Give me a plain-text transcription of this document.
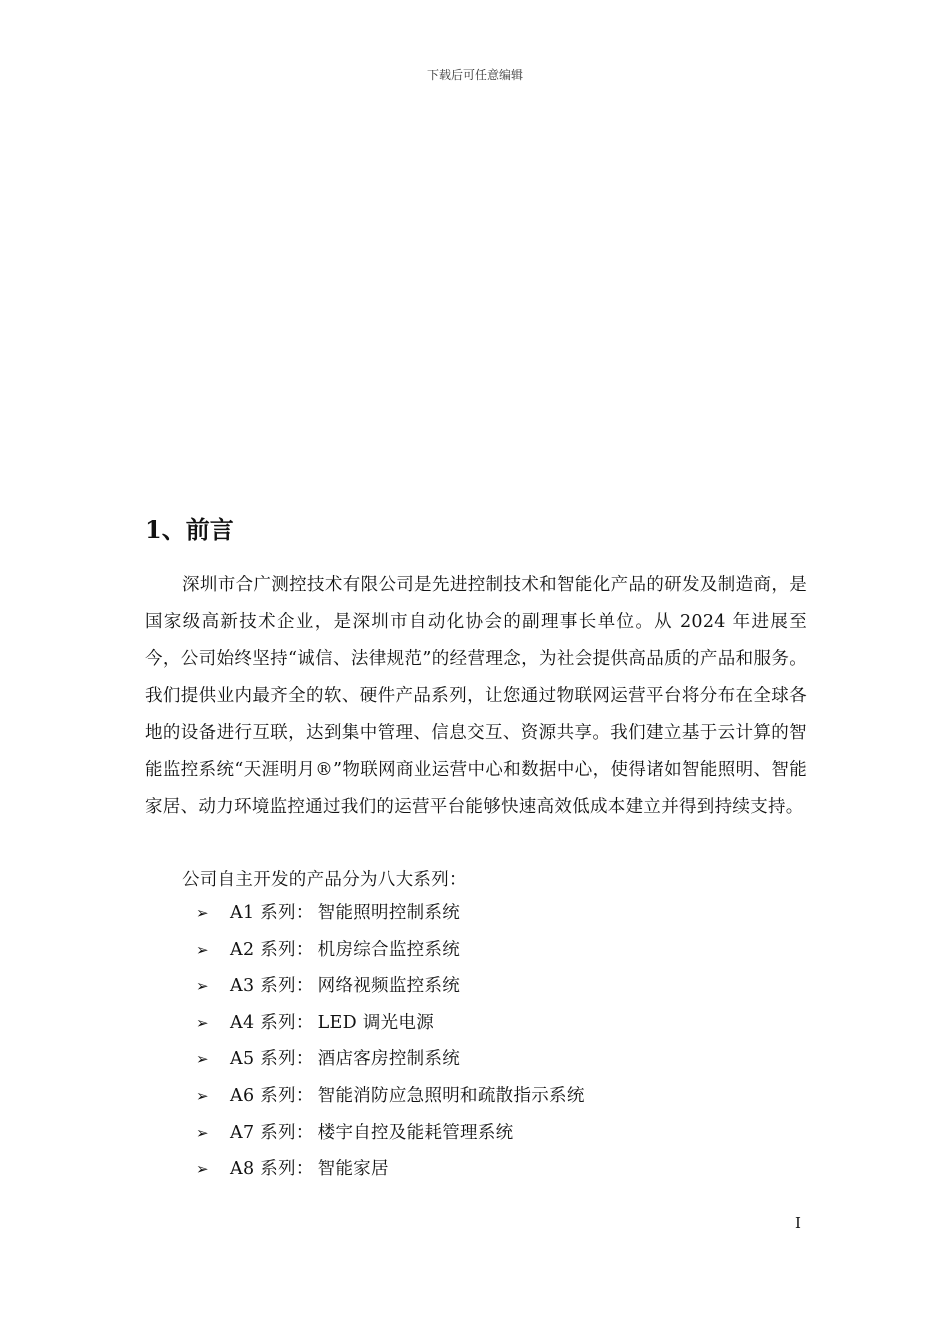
下载后可任意编辑
1、前言

深圳市合广测控技术有限公司是先进控制技术和智能化产品的研发及制造商，是国家级高新技术企业，是深圳市自动化协会的副理事长单位。从 2024 年进展至今，公司始终坚持“诚信、法律规范”的经营理念，为社会提供高品质的产品和服务。我们提供业内最齐全的软、硬件产品系列，让您通过物联网运营平台将分布在全球各地的设备进行互联，达到集中管理、信息交互、资源共享。我们建立基于云计算的智能监控系统“天涯明月®”物联网商业运营中心和数据中心，使得诸如智能照明、智能家居、动力环境监控通过我们的运营平台能够快速高效低成本建立并得到持续支持。

公司自主开发的产品分为八大系列：

➢	A1 系列： 智能照明控制系统
➢	A2 系列： 机房综合监控系统
➢	A3 系列： 网络视频监控系统
➢	A4 系列： LED 调光电源
➢	A5 系列： 酒店客房控制系统
➢	A6 系列： 智能消防应急照明和疏散指示系统
➢	A7 系列： 楼宇自控及能耗管理系统
➢	A8 系列： 智能家居
I
